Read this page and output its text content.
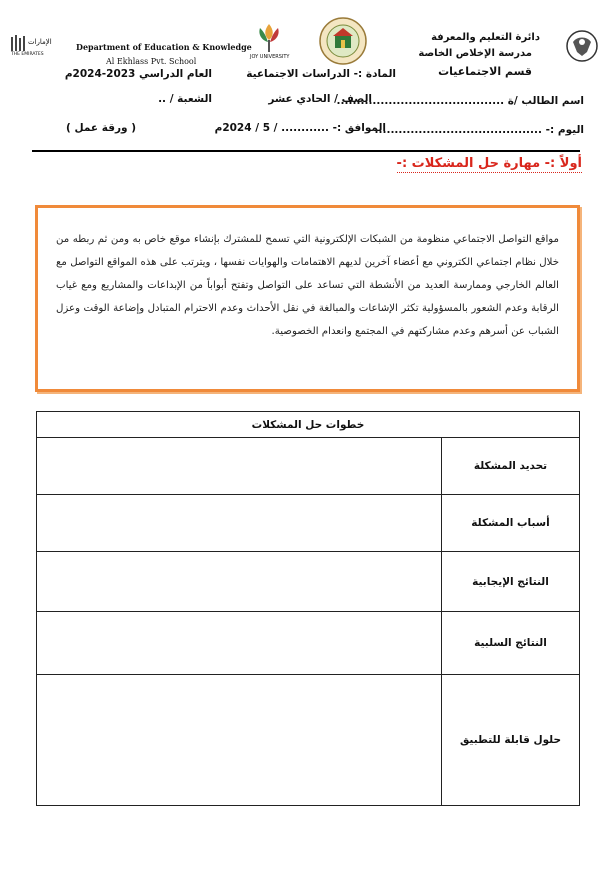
الإمارات
THE EMIRATES
Department of Education & Knowledge
Al Ekhlass Pvt. School	JOY UNIVERSITY
دائرة التعليم والمعرفة
مدرسة الإخلاص الخاصة
قسم الاجتماعيات
المادة :- الدراسات الاجتماعية
العام الدراسي 2023-2024م
اسم الطالب /ة ..........................................
الصف / الحادي عشر
الشعبة / ..
اليوم :- ..........................................
الموافق :- ............ / 5 / 2024م
( ورقة عمل )
أولاً :- مهارة حل المشكلات :-

مواقع التواصل الاجتماعي منظومة من الشبكات الإلكترونية التي تسمح للمشترك بإنشاء موقع خاص به ومن ثم ربطه من خلال نظام اجتماعي الكتروني مع أعضاء آخرين لديهم الاهتمامات والهوايات نفسها ، ويترتب على هذه المواقع التواصل مع العالم الخارجي وممارسة العديد من الأنشطة التي تساعد على التواصل وتفتح أبواباً من الإبداعات والمشاريع ومع غياب الرقابة وعدم الشعور بالمسؤولية تكثر الإشاعات والمبالغة في نقل الأحداث وعدم الاحترام المتبادل وإضاعة الوقت وعزل الشباب عن أسرهم وعدم مشاركتهم في المجتمع وانعدام الخصوصية.

خطوات حل المشكلات	
	تحديد المشكلة
	أسباب المشكلة
	النتائج الإيجابية
	النتائج السلبية
	حلول قابلة للتطبيق
